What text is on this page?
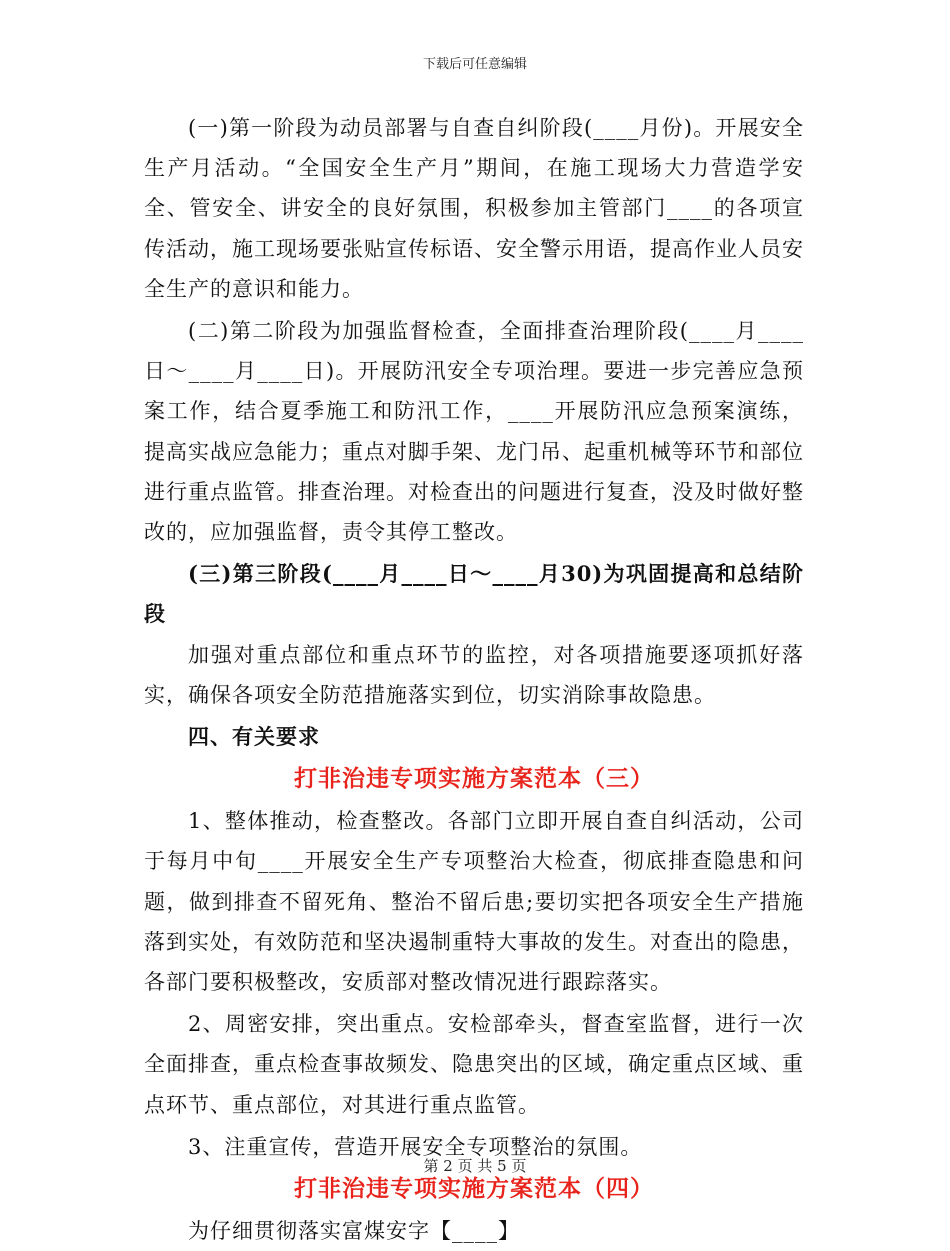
下载后可任意编辑

(一)第一阶段为动员部署与自查自纠阶段(____月份)。开展安全生产月活动。“全国安全生产月”期间，在施工现场大力营造学安全、管安全、讲安全的良好氛围，积极参加主管部门____的各项宣传活动，施工现场要张贴宣传标语、安全警示用语，提高作业人员安全生产的意识和能力。

(二)第二阶段为加强监督检查，全面排查治理阶段(____月____日～____月____日)。开展防汛安全专项治理。要进一步完善应急预案工作，结合夏季施工和防汛工作，____开展防汛应急预案演练，提高实战应急能力；重点对脚手架、龙门吊、起重机械等环节和部位进行重点监管。排查治理。对检查出的问题进行复查，没及时做好整改的，应加强监督，责令其停工整改。

(三)第三阶段(____月____日～____月30)为巩固提高和总结阶段

加强对重点部位和重点环节的监控，对各项措施要逐项抓好落实，确保各项安全防范措施落实到位，切实消除事故隐患。

四、有关要求

打非治违专项实施方案范本（三）

1、整体推动，检查整改。各部门立即开展自查自纠活动，公司于每月中旬____开展安全生产专项整治大检查，彻底排查隐患和问题，做到排查不留死角、整治不留后患;要切实把各项安全生产措施落到实处，有效防范和坚决遏制重特大事故的发生。对查出的隐患，各部门要积极整改，安质部对整改情况进行跟踪落实。

2、周密安排，突出重点。安检部牵头，督查室监督，进行一次全面排查，重点检查事故频发、隐患突出的区域，确定重点区域、重点环节、重点部位，对其进行重点监管。

3、注重宣传，营造开展安全专项整治的氛围。

打非治违专项实施方案范本（四）

为仔细贯彻落实富煤安字【____】

第 2 页 共 5 页
